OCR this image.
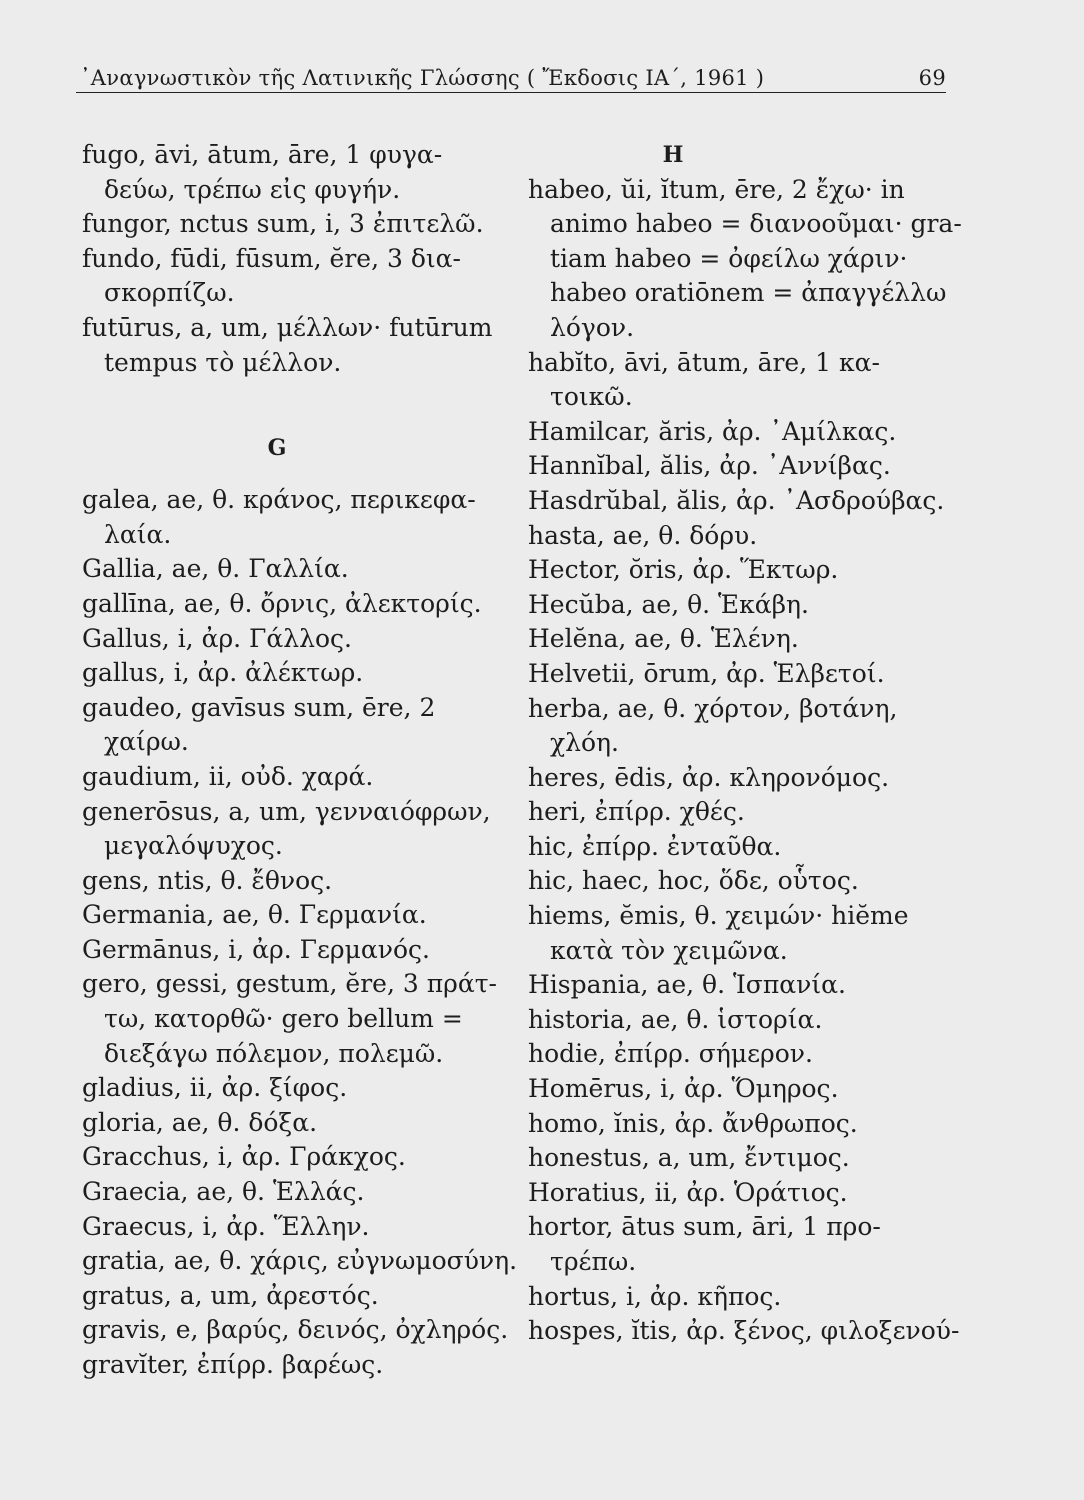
᾿Αναγνωστικὸν τῆς Λατινικῆς Γλώσσης ( Ἔκδοσις ΙΑ΄, 1961 )	69
fugo, āvi, ātum, āre, 1 φυγα-
δεύω, τρέπω εἰς φυγήν.
fungor, nctus sum, i, 3 ἐπιτελῶ.
fundo, fūdi, fūsum, ĕre, 3 δια-
σκορπίζω.
futūrus, a, um, μέλλων· futūrum
tempus τὸ μέλλον.
G
galea, ae, θ. κράνος, περικεφα-
λαία.
Gallia, ae, θ. Γαλλία.
gallīna, ae, θ. ὄρνις, ἀλεκτορίς.
Gallus, i, ἀρ. Γάλλος.
gallus, i, ἀρ. ἀλέκτωρ.
gaudeo, gavīsus sum, ēre, 2
χαίρω.
gaudium, ii, οὐδ. χαρά.
generōsus, a, um, γενναιόφρων,
μεγαλόψυχος.
gens, ntis, θ. ἔθνος.
Germania, ae, θ. Γερμανία.
Germānus, i, ἀρ. Γερμανός.
gero, gessi, gestum, ĕre, 3 πράτ-
τω, κατορθῶ· gero bellum =
διεξάγω πόλεμον, πολεμῶ.
gladius, ii, ἀρ. ξίφος.
gloria, ae, θ. δόξα.
Gracchus, i, ἀρ. Γράκχος.
Graecia, ae, θ. Ἑλλάς.
Graecus, i, ἀρ. Ἕλλην.
gratia, ae, θ. χάρις, εὐγνωμοσύνη.
gratus, a, um, ἀρεστός.
gravis, e, βαρύς, δεινός, ὀχληρός.
gravĭter, ἐπίρρ. βαρέως.
H
habeo, ŭi, ĭtum, ēre, 2 ἔχω· in
animo habeo = διανοοῦμαι· gra-
tiam habeo = ὀφείλω χάριν·
habeo oratiōnem = ἀπαγγέλλω
λόγον.
habĭto, āvi, ātum, āre, 1 κα-
τοικῶ.
Hamilcar, ăris, ἀρ. ᾿Αμίλκας.
Hannĭbal, ălis, ἀρ. ᾿Αννίβας.
Hasdrŭbal, ălis, ἀρ. ᾿Ασδρούβας.
hasta, ae, θ. δόρυ.
Hector, ŏris, ἀρ. Ἕκτωρ.
Hecŭba, ae, θ. Ἑκάβη.
Helĕna, ae, θ. Ἑλένη.
Helvetii, ōrum, ἀρ. Ἑλβετοί.
herba, ae, θ. χόρτον, βοτάνη,
χλόη.
heres, ēdis, ἀρ. κληρονόμος.
heri, ἐπίρρ. χθές.
hic, ἐπίρρ. ἐνταῦθα.
hic, haec, hoc, ὅδε, οὗτος.
hiems, ĕmis, θ. χειμών· hiĕme
κατὰ τὸν χειμῶνα.
Hispania, ae, θ. Ἱσπανία.
historia, ae, θ. ἱστορία.
hodie, ἐπίρρ. σήμερον.
Homērus, i, ἀρ. Ὅμηρος.
homo, ĭnis, ἀρ. ἄνθρωπος.
honestus, a, um, ἔντιμος.
Horatius, ii, ἀρ. Ὁράτιος.
hortor, ātus sum, āri, 1 προ-
τρέπω.
hortus, i, ἀρ. κῆπος.
hospes, ĭtis, ἀρ. ξένος, φιλοξενού-
